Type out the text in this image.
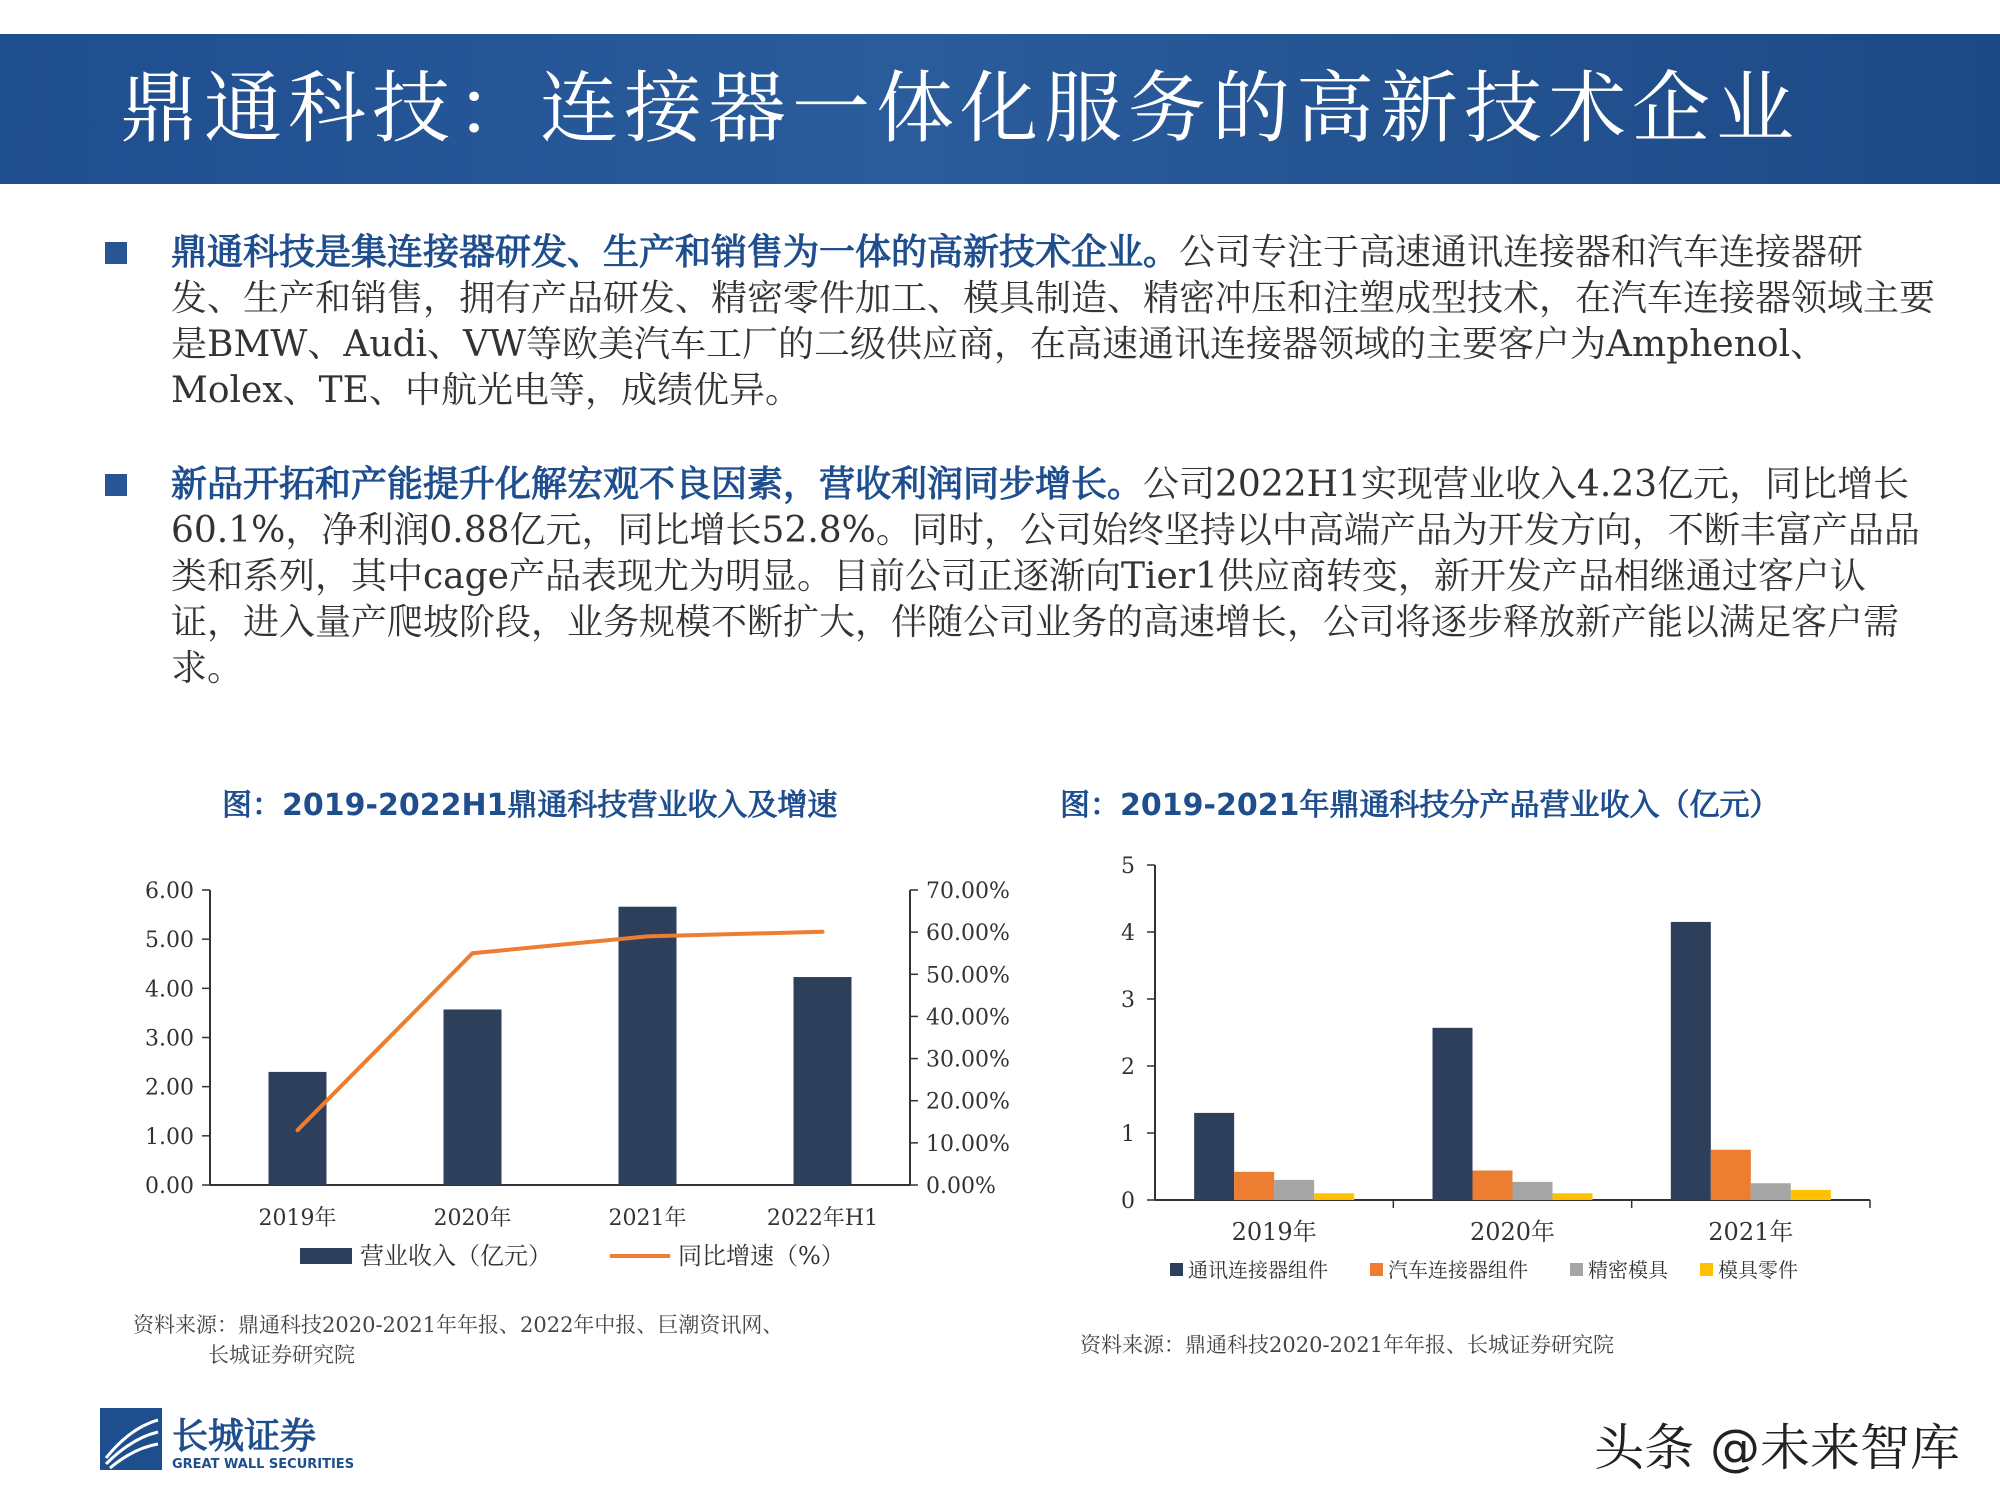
鼎通科技：连接器一体化服务的高新技术企业
鼎通科技是集连接器研发、生产和销售为一体的高新技术企业。公司专注于高速通讯连接器和汽车连接器研发、生产和销售，拥有产品研发、精密零件加工、模具制造、精密冲压和注塑成型技术，在汽车连接器领域主要是BMW、Audi、VW等欧美汽车工厂的二级供应商，在高速通讯连接器领域的主要客户为Amphenol、Molex、TE、中航光电等，成绩优异。
新品开拓和产能提升化解宏观不良因素，营收利润同步增长。公司2022H1实现营业收入4.23亿元，同比增长60.1%，净利润0.88亿元，同比增长52.8%。同时，公司始终坚持以中高端产品为开发方向，不断丰富产品品类和系列，其中cage产品表现尤为明显。目前公司正逐渐向Tier1供应商转变，新开发产品相继通过客户认证，进入量产爬坡阶段，业务规模不断扩大，伴随公司业务的高速增长，公司将逐步释放新产能以满足客户需求。
图：2019-2022H1鼎通科技营业收入及增速	图：2019-2021年鼎通科技分产品营业收入（亿元）
0.00
1.00
2.00
3.00
4.00
5.00
6.00
0.00%
10.00%
20.00%
30.00%
40.00%
50.00%
60.00%
70.00%
2019年	2020年	2021年	2022年H1
营业收入（亿元）	同比增速（%）
0
1
2
3
4
5
2019年	2020年	2021年
通讯连接器组件	汽车连接器组件	精密模具	模具零件
资料来源：鼎通科技2020-2021年年报、2022年中报、巨潮资讯网、
长城证券研究院	资料来源：鼎通科技2020-2021年年报、长城证券研究院
长城证券
GREAT WALL SECURITIES	头条 @未来智库
